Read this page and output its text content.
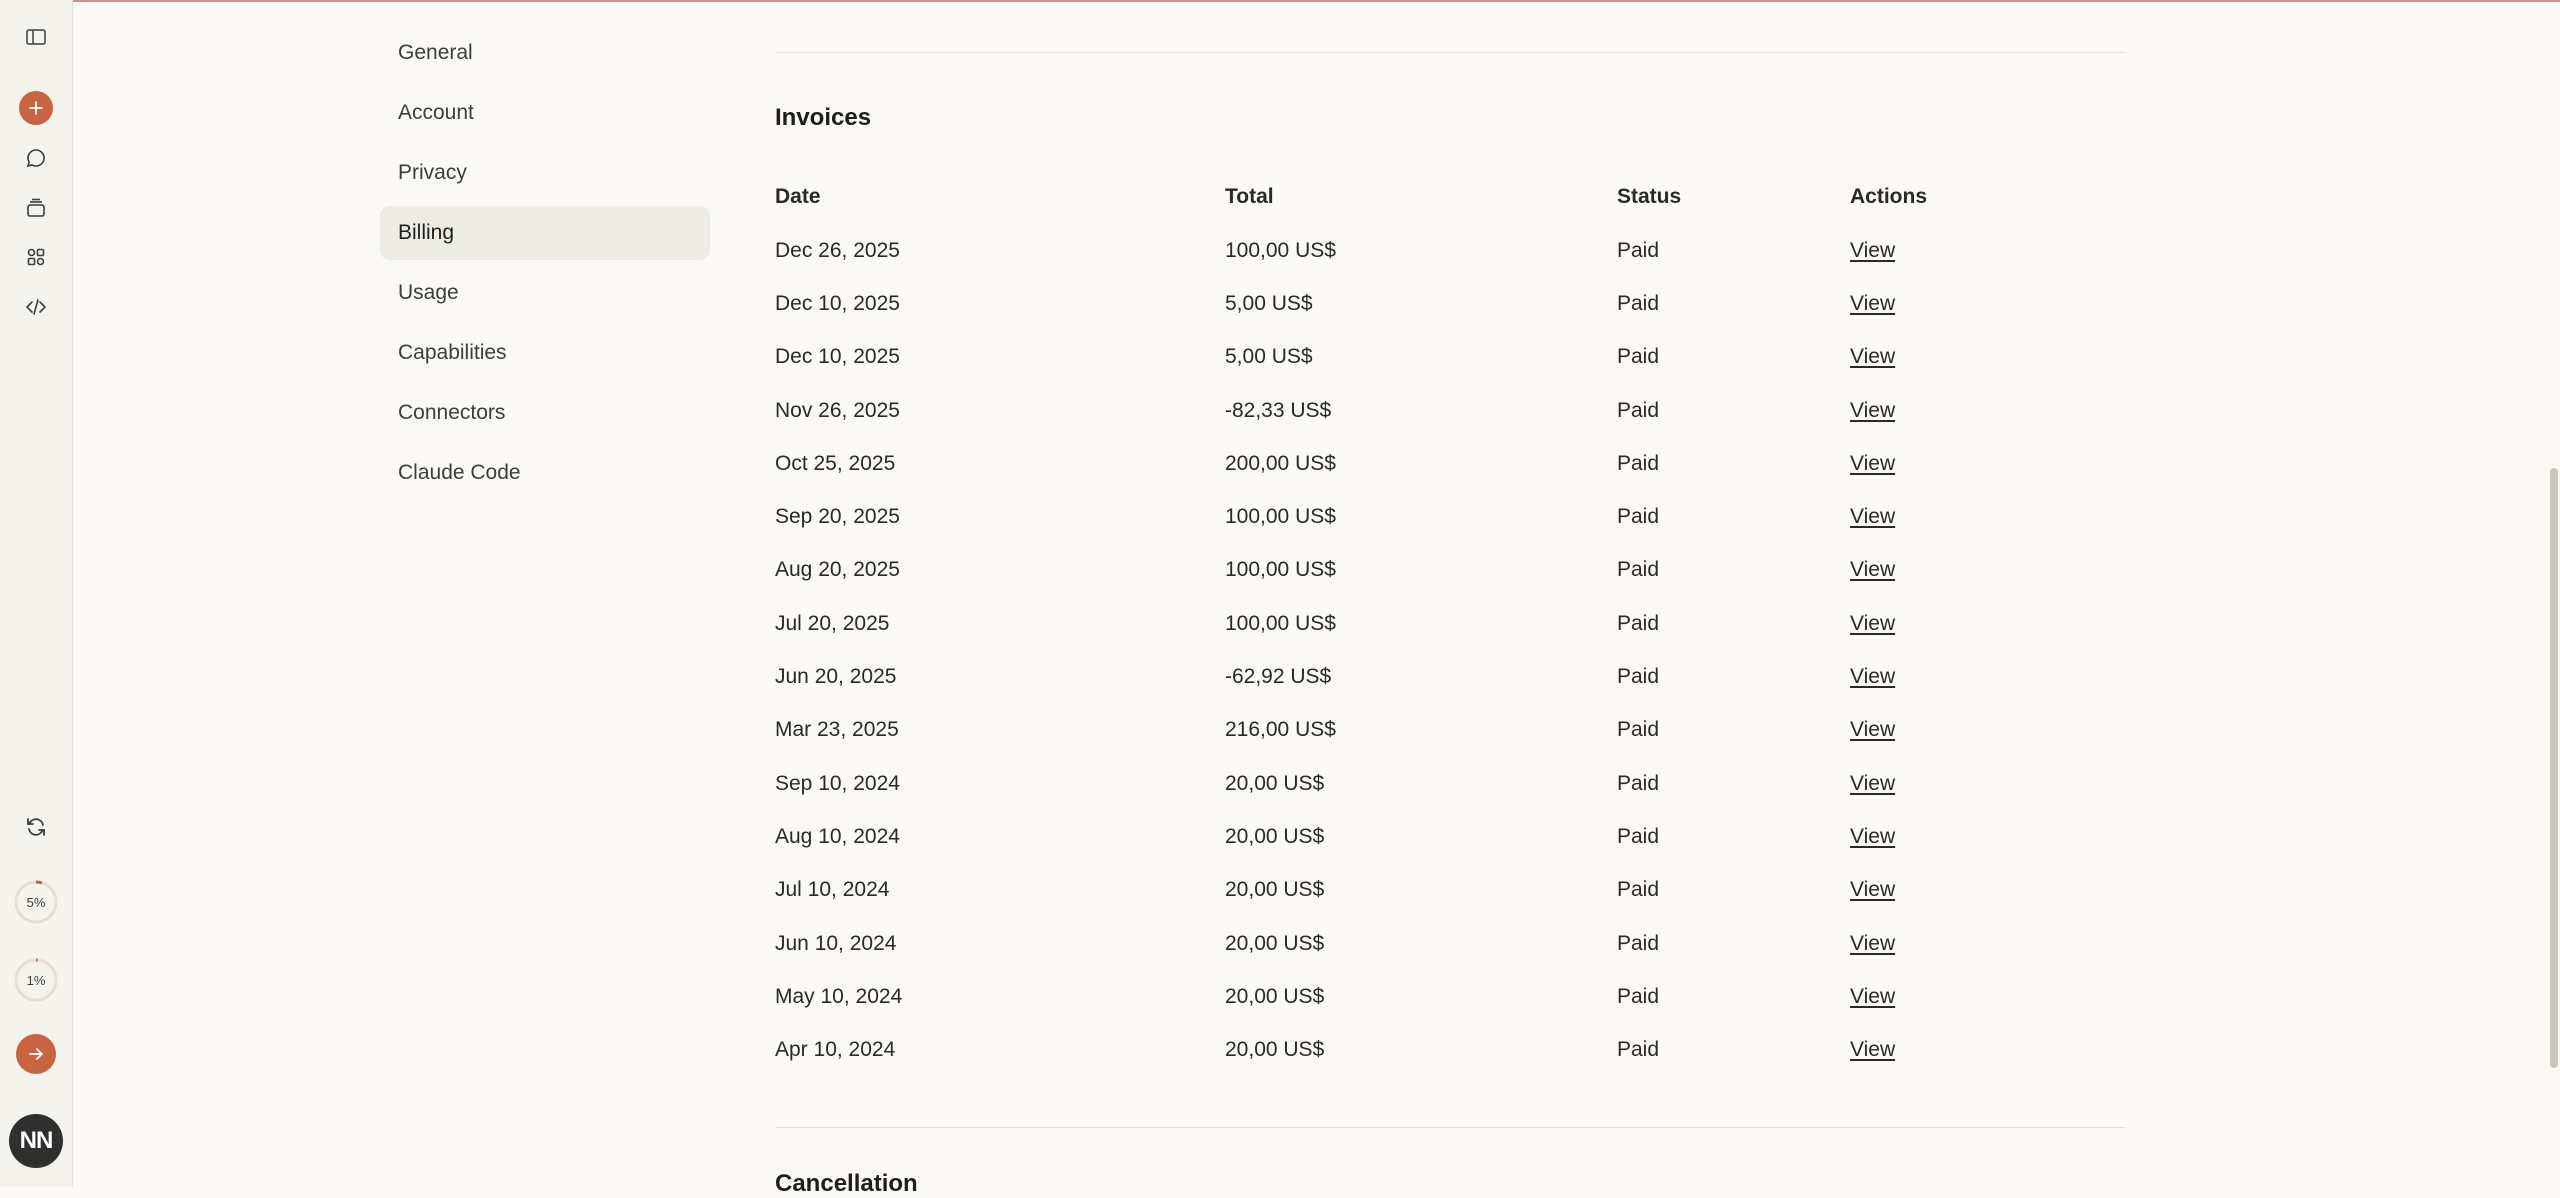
5%
1%
NN
General
Account
Privacy
Billing
Usage
Capabilities
Connectors
Claude Code
Invoices
Date	Total	Status	Actions
Dec 26, 2025	100,00 US$	Paid	View
Dec 10, 2025	5,00 US$	Paid	View
Dec 10, 2025	5,00 US$	Paid	View
Nov 26, 2025	-82,33 US$	Paid	View
Oct 25, 2025	200,00 US$	Paid	View
Sep 20, 2025	100,00 US$	Paid	View
Aug 20, 2025	100,00 US$	Paid	View
Jul 20, 2025	100,00 US$	Paid	View
Jun 20, 2025	-62,92 US$	Paid	View
Mar 23, 2025	216,00 US$	Paid	View
Sep 10, 2024	20,00 US$	Paid	View
Aug 10, 2024	20,00 US$	Paid	View
Jul 10, 2024	20,00 US$	Paid	View
Jun 10, 2024	20,00 US$	Paid	View
May 10, 2024	20,00 US$	Paid	View
Apr 10, 2024	20,00 US$	Paid	View
Cancellation
